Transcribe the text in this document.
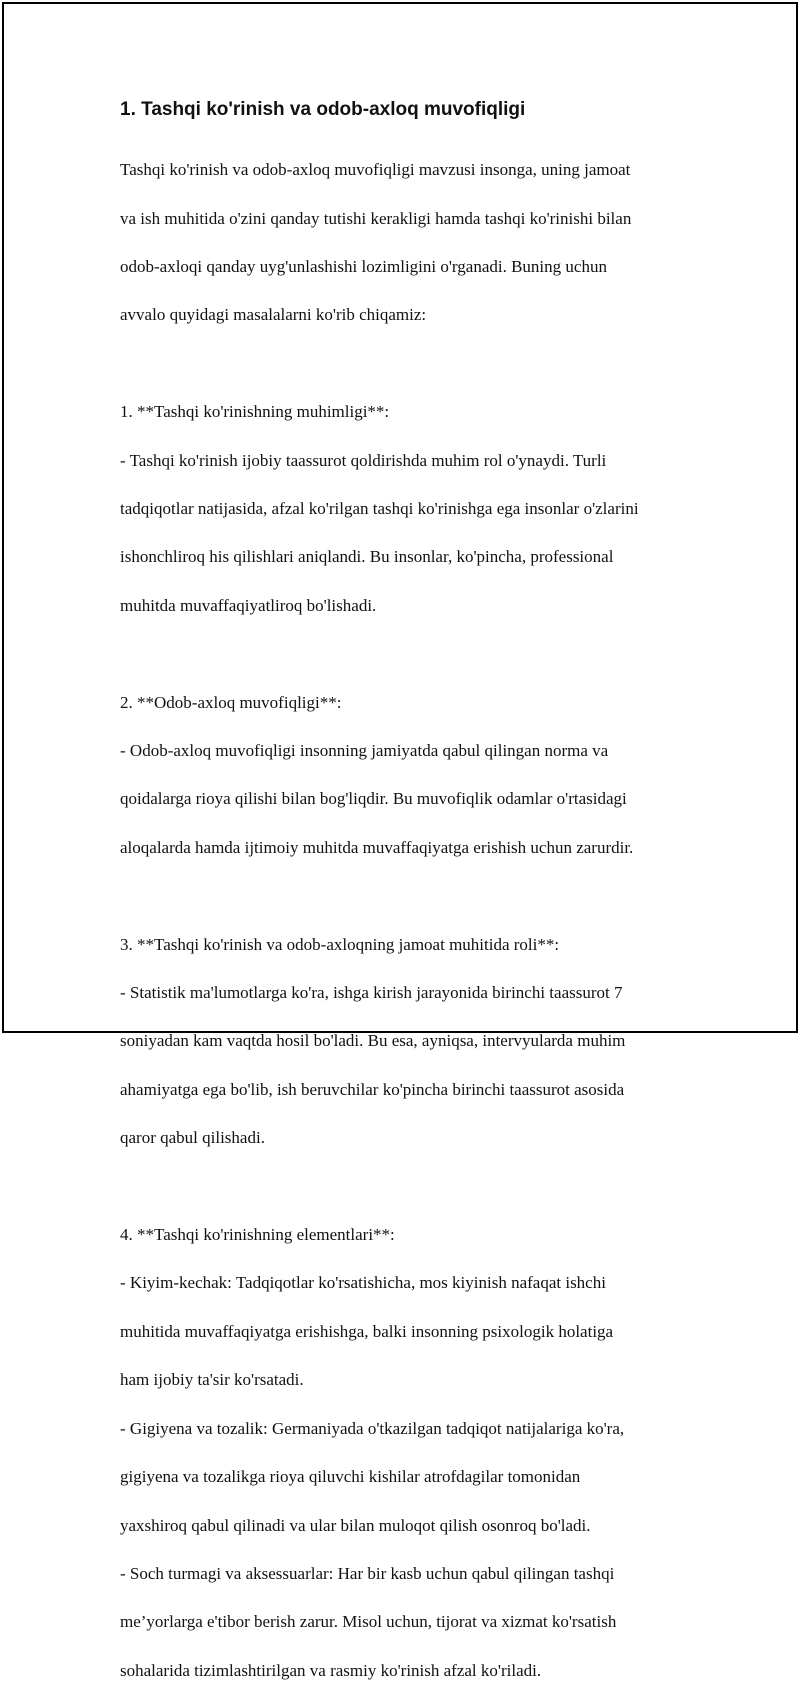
1. Tashqi ko'rinish va odob-axloq muvofiqligi

Tashqi ko'rinish va odob-axloq muvofiqligi mavzusi insonga, uning jamoat

va ish muhitida o'zini qanday tutishi kerakligi hamda tashqi ko'rinishi bilan

odob-axloqi qanday uyg'unlashishi lozimligini o'rganadi. Buning uchun

avvalo quyidagi masalalarni ko'rib chiqamiz:

1. **Tashqi ko'rinishning muhimligi**:

- Tashqi ko'rinish ijobiy taassurot qoldirishda muhim rol o'ynaydi. Turli

tadqiqotlar natijasida, afzal ko'rilgan tashqi ko'rinishga ega insonlar o'zlarini

ishonchliroq his qilishlari aniqlandi. Bu insonlar, ko'pincha, professional

muhitda muvaffaqiyatliroq bo'lishadi.

2. **Odob-axloq muvofiqligi**:

- Odob-axloq muvofiqligi insonning jamiyatda qabul qilingan norma va

qoidalarga rioya qilishi bilan bog'liqdir. Bu muvofiqlik odamlar o'rtasidagi

aloqalarda hamda ijtimoiy muhitda muvaffaqiyatga erishish uchun zarurdir.

3. **Tashqi ko'rinish va odob-axloqning jamoat muhitida roli**:

- Statistik ma'lumotlarga ko'ra, ishga kirish jarayonida birinchi taassurot 7

soniyadan kam vaqtda hosil bo'ladi. Bu esa, ayniqsa, intervyularda muhim

ahamiyatga ega bo'lib, ish beruvchilar ko'pincha birinchi taassurot asosida

qaror qabul qilishadi.

4. **Tashqi ko'rinishning elementlari**:

- Kiyim-kechak: Tadqiqotlar ko'rsatishicha, mos kiyinish nafaqat ishchi

muhitida muvaffaqiyatga erishishga, balki insonning psixologik holatiga

ham ijobiy ta'sir ko'rsatadi.

- Gigiyena va tozalik: Germaniyada o'tkazilgan tadqiqot natijalariga ko'ra,

gigiyena va tozalikga rioya qiluvchi kishilar atrofdagilar tomonidan

yaxshiroq qabul qilinadi va ular bilan muloqot qilish osonroq bo'ladi.

- Soch turmagi va aksessuarlar: Har bir kasb uchun qabul qilingan tashqi

me’yorlarga e'tibor berish zarur. Misol uchun, tijorat va xizmat ko'rsatish

sohalarida tizimlashtirilgan va rasmiy ko'rinish afzal ko'riladi.
